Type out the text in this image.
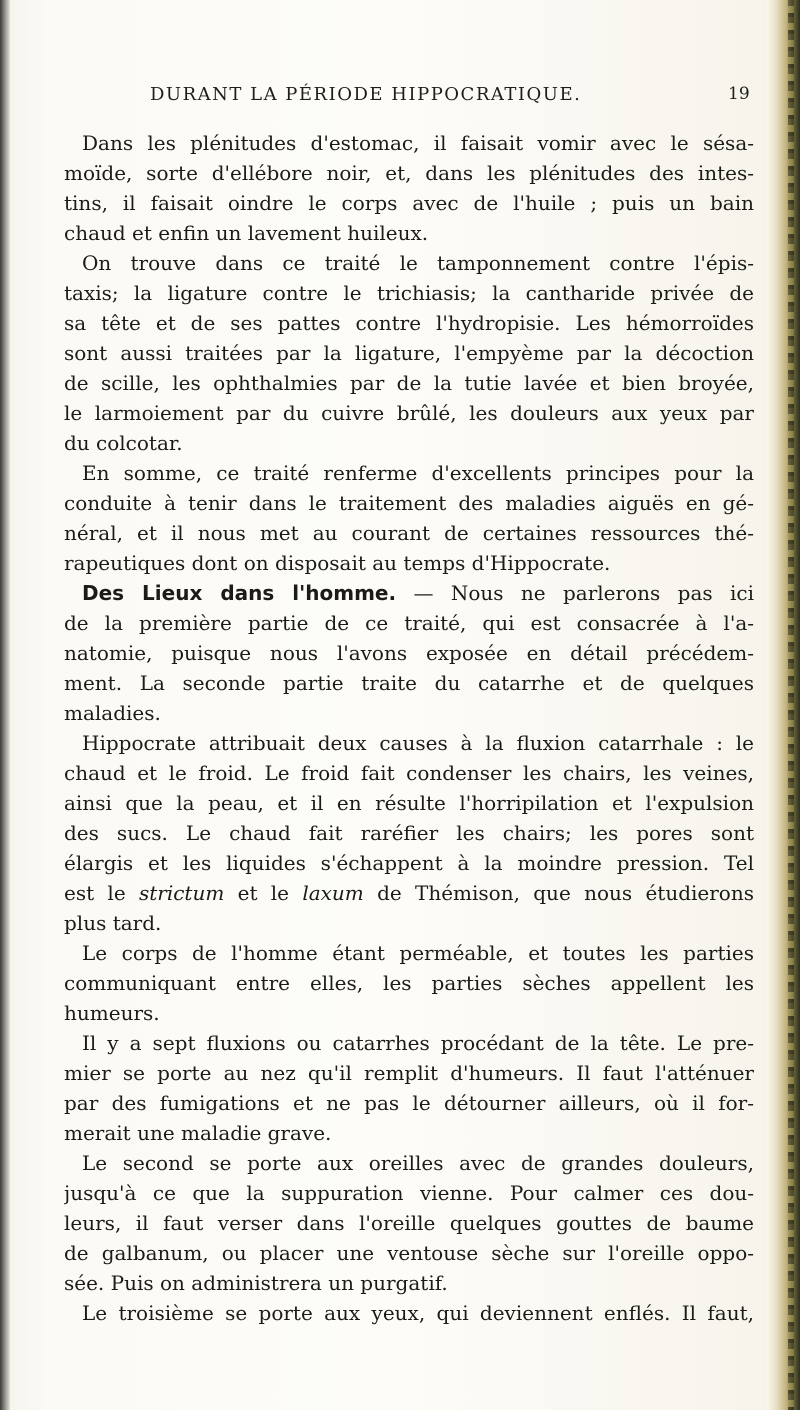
DURANT LA PÉRIODE HIPPOCRATIQUE.	19
Dans les plénitudes d'estomac, il faisait vomir avec le sésa-
moïde, sorte d'ellébore noir, et, dans les plénitudes des intes-
tins, il faisait oindre le corps avec de l'huile ; puis un bain
chaud et enfin un lavement huileux.
On trouve dans ce traité le tamponnement contre l'épis-
taxis; la ligature contre le trichiasis; la cantharide privée de
sa tête et de ses pattes contre l'hydropisie. Les hémorroïdes
sont aussi traitées par la ligature, l'empyème par la décoction
de scille, les ophthalmies par de la tutie lavée et bien broyée,
le larmoiement par du cuivre brûlé, les douleurs aux yeux par
du colcotar.
En somme, ce traité renferme d'excellents principes pour la
conduite à tenir dans le traitement des maladies aiguës en gé-
néral, et il nous met au courant de certaines ressources thé-
rapeutiques dont on disposait au temps d'Hippocrate.
Des Lieux dans l'homme. — Nous ne parlerons pas ici
de la première partie de ce traité, qui est consacrée à l'a-
natomie, puisque nous l'avons exposée en détail précédem-
ment. La seconde partie traite du catarrhe et de quelques
maladies.
Hippocrate attribuait deux causes à la fluxion catarrhale : le
chaud et le froid. Le froid fait condenser les chairs, les veines,
ainsi que la peau, et il en résulte l'horripilation et l'expulsion
des sucs. Le chaud fait raréfier les chairs; les pores sont
élargis et les liquides s'échappent à la moindre pression. Tel
est le strictum et le laxum de Thémison, que nous étudierons
plus tard.
Le corps de l'homme étant perméable, et toutes les parties
communiquant entre elles, les parties sèches appellent les
humeurs.
Il y a sept fluxions ou catarrhes procédant de la tête. Le pre-
mier se porte au nez qu'il remplit d'humeurs. Il faut l'atténuer
par des fumigations et ne pas le détourner ailleurs, où il for-
merait une maladie grave.
Le second se porte aux oreilles avec de grandes douleurs,
jusqu'à ce que la suppuration vienne. Pour calmer ces dou-
leurs, il faut verser dans l'oreille quelques gouttes de baume
de galbanum, ou placer une ventouse sèche sur l'oreille oppo-
sée. Puis on administrera un purgatif.
Le troisième se porte aux yeux, qui deviennent enflés. Il faut,
